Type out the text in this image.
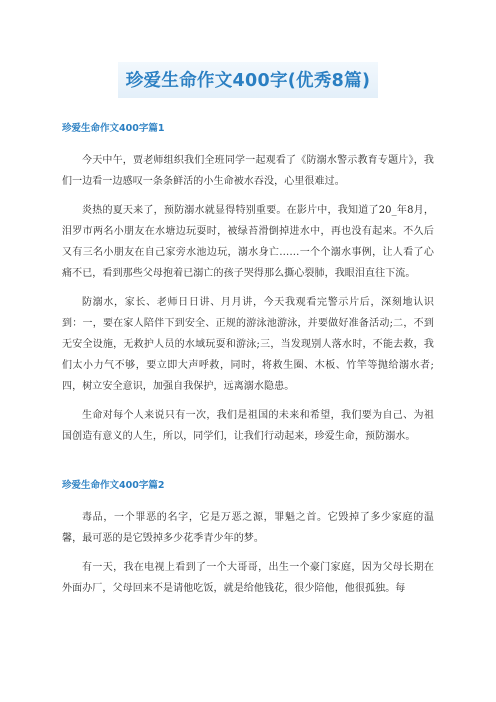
珍爱生命作文400字(优秀8篇)
珍爱生命作文400字篇1

今天中午，贾老师组织我们全班同学一起观看了《防溺水警示教育专题片》，我们一边看一边感叹一条条鲜活的小生命被水吞没，心里很难过。

炎热的夏天来了，预防溺水就显得特别重要。在影片中，我知道了20_年8月，泪罗市两名小朋友在水塘边玩耍时，被绿苔滑倒掉进水中，再也没有起来。不久后又有三名小朋友在自己家旁水池边玩，溺水身亡……一个个溺水事例，让人看了心痛不已，看到那些父母抱着已溺亡的孩子哭得那么撕心裂肺，我眼泪直往下流。

防溺水，家长、老师日日讲、月月讲，今天我观看完警示片后，深刻地认识到：一，要在家人陪伴下到安全、正规的游泳池游泳，并要做好准备活动;二，不到无安全设施，无救护人员的水域玩耍和游泳;三，当发现别人落水时，不能去救，我们太小力气不够，要立即大声呼救，同时，将救生圈、木板、竹竿等抛给溺水者;四，树立安全意识，加强自我保护，远离溺水隐患。

生命对每个人来说只有一次，我们是祖国的未来和希望，我们要为自己、为祖国创造有意义的人生，所以，同学们，让我们行动起来，珍爱生命，预防溺水。

珍爱生命作文400字篇2

毒品，一个罪恶的名字，它是万恶之源，罪魁之首。它毁掉了多少家庭的温馨，最可恶的是它毁掉多少花季青少年的梦。

有一天，我在电视上看到了一个大哥哥，出生一个豪门家庭，因为父母长期在外面办厂，父母回来不是请他吃饭，就是给他钱花，很少陪他，他很孤独。每
